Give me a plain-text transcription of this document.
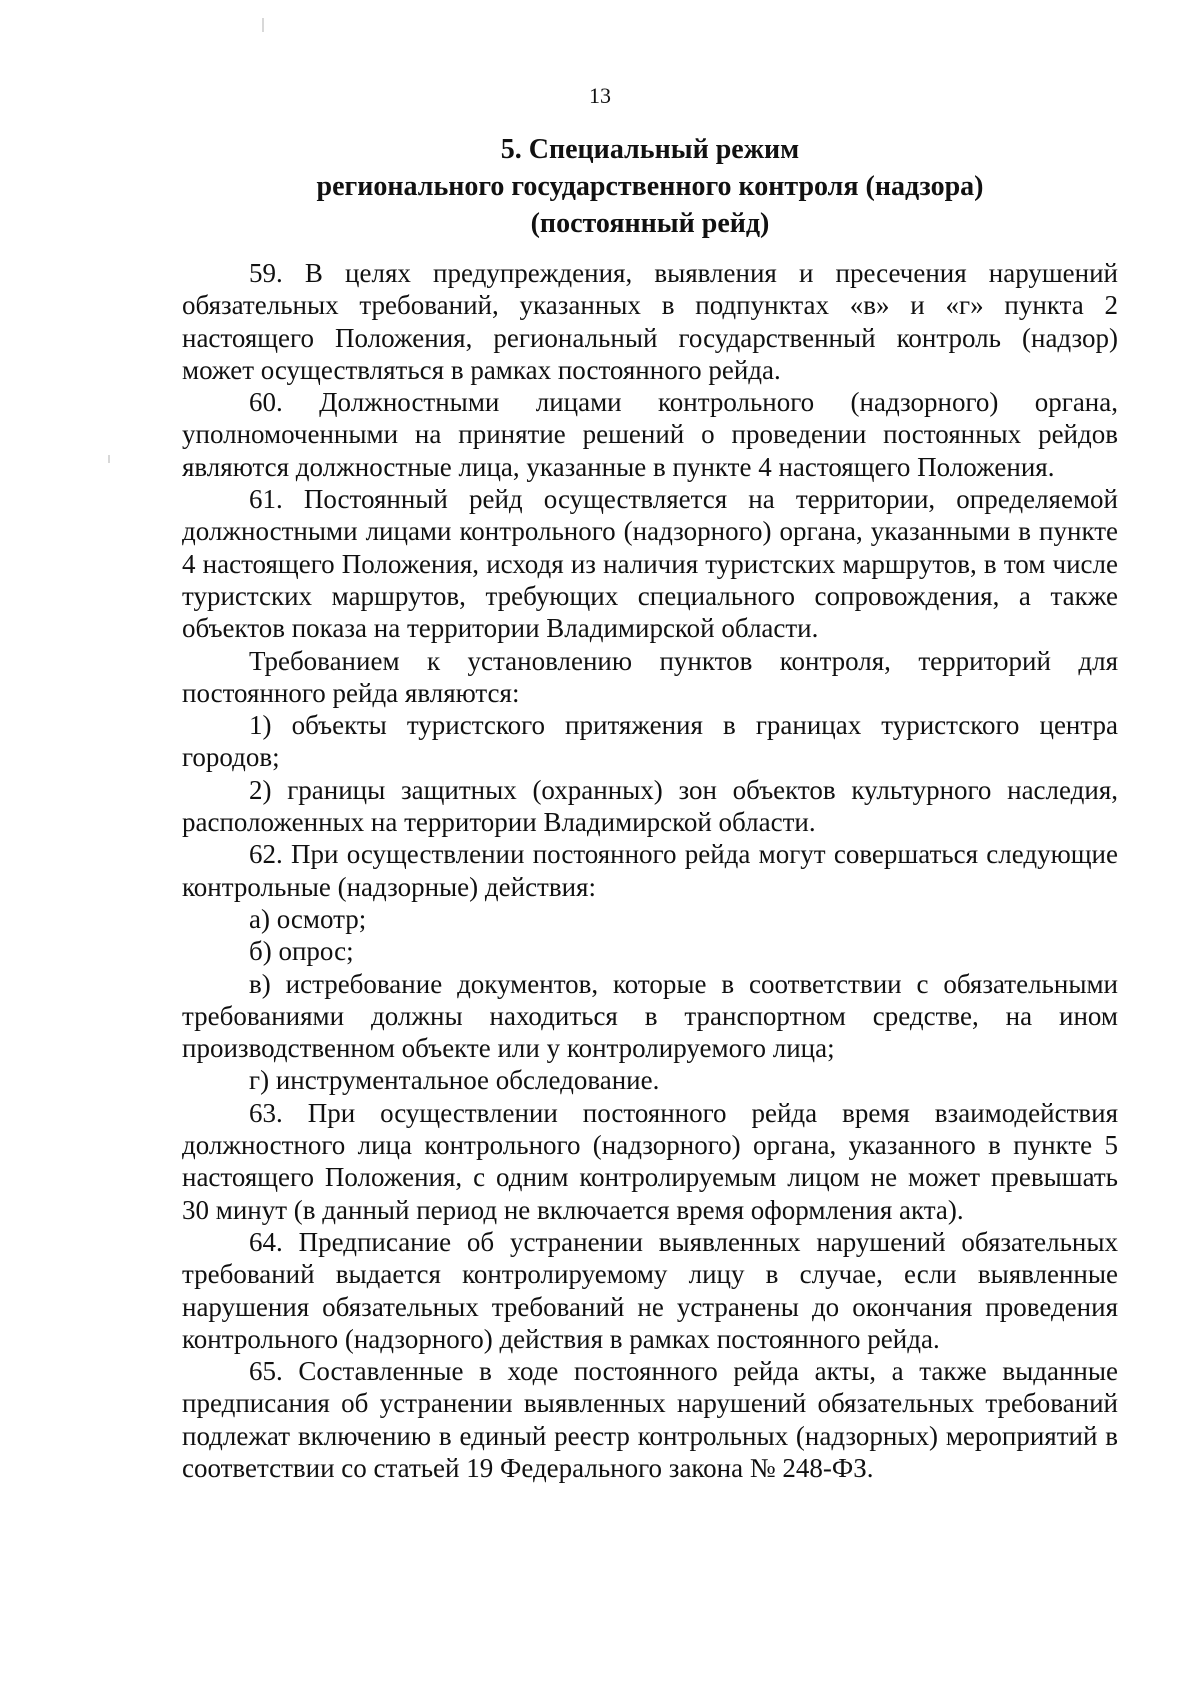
13
5. Специальный режим
регионального государственного контроля (надзора)
(постоянный рейд)

59. В целях предупреждения, выявления и пресечения нарушений обязательных требований, указанных в подпунктах «в» и «г» пункта 2 настоящего Положения, региональный государственный контроль (надзор) может осуществляться в рамках постоянного рейда.

60. Должностными лицами контрольного (надзорного) органа, уполномоченными на принятие решений о проведении постоянных рейдов являются должностные лица, указанные в пункте 4 настоящего Положения.

61. Постоянный рейд осуществляется на территории, определяемой должностными лицами контрольного (надзорного) органа, указанными в пункте 4 настоящего Положения, исходя из наличия туристских маршрутов, в том числе туристских маршрутов, требующих специального сопровождения, а также объектов показа на территории Владимирской области.

Требованием к установлению пунктов контроля, территорий для постоянного рейда являются:

1) объекты туристского притяжения в границах туристского центра городов;

2) границы защитных (охранных) зон объектов культурного наследия, расположенных на территории Владимирской области.

62. При осуществлении постоянного рейда могут совершаться следующие контрольные (надзорные) действия:

а) осмотр;

б) опрос;

в) истребование документов, которые в соответствии с обязательными требованиями должны находиться в транспортном средстве, на ином производственном объекте или у контролируемого лица;

г) инструментальное обследование.

63. При осуществлении постоянного рейда время взаимодействия должностного лица контрольного (надзорного) органа, указанного в пункте 5 настоящего Положения, с одним контролируемым лицом не может превышать 30 минут (в данный период не включается время оформления акта).

64. Предписание об устранении выявленных нарушений обязательных требований выдается контролируемому лицу в случае, если выявленные нарушения обязательных требований не устранены до окончания проведения контрольного (надзорного) действия в рамках постоянного рейда.

65. Составленные в ходе постоянного рейда акты, а также выданные предписания об устранении выявленных нарушений обязательных требований подлежат включению в единый реестр контрольных (надзорных) мероприятий в соответствии со статьей 19 Федерального закона № 248-ФЗ.
